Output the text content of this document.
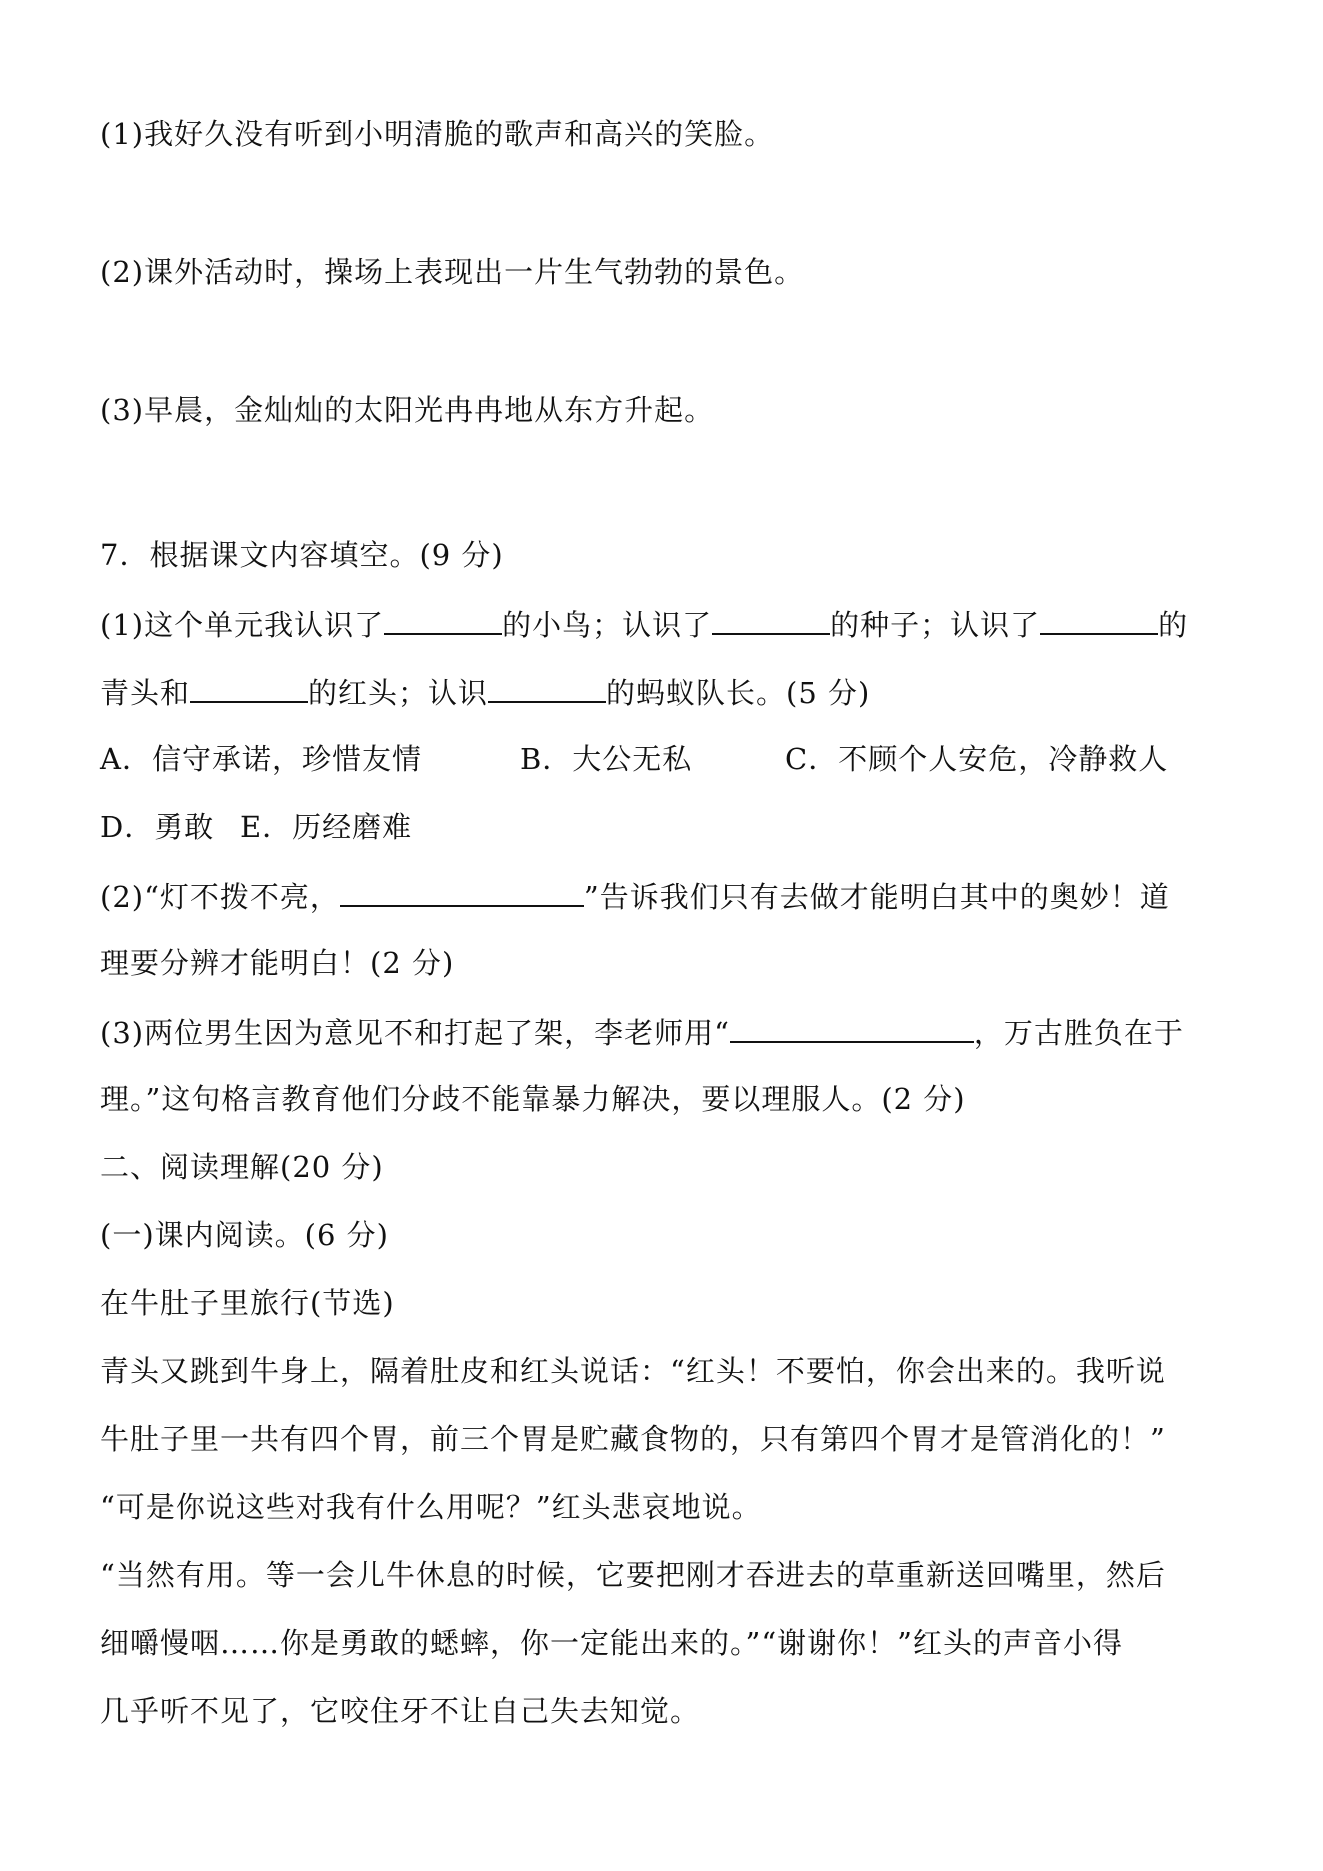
(1)我好久没有听到小明清脆的歌声和高兴的笑脸。
(2)课外活动时，操场上表现出一片生气勃勃的景色。
(3)早晨，金灿灿的太阳光冉冉地从东方升起。
7．根据课文内容填空。(9 分)
(1)这个单元我认识了	的小鸟；认识了	的种子；认识了	的
青头和	的红头；认识	的蚂蚁队长。(5 分)
A．信守承诺，珍惜友情	B．大公无私	C．不顾个人安危，冷静救人
D．勇敢 E．历经磨难
(2)“灯不拨不亮，	”告诉我们只有去做才能明白其中的奥妙！道
理要分辨才能明白！(2 分)
(3)两位男生因为意见不和打起了架，李老师用“	，万古胜负在于
理。”这句格言教育他们分歧不能靠暴力解决，要以理服人。(2 分)
二、阅读理解(20 分)
(一)课内阅读。(6 分)
在牛肚子里旅行(节选)
青头又跳到牛身上，隔着肚皮和红头说话：“红头！不要怕，你会出来的。我听说
牛肚子里一共有四个胃，前三个胃是贮藏食物的，只有第四个胃才是管消化的！”
“可是你说这些对我有什么用呢？”红头悲哀地说。
“当然有用。等一会儿牛休息的时候，它要把刚才吞进去的草重新送回嘴里，然后
细嚼慢咽……你是勇敢的蟋蟀，你一定能出来的。”“谢谢你！”红头的声音小得
几乎听不见了，它咬住牙不让自己失去知觉。
